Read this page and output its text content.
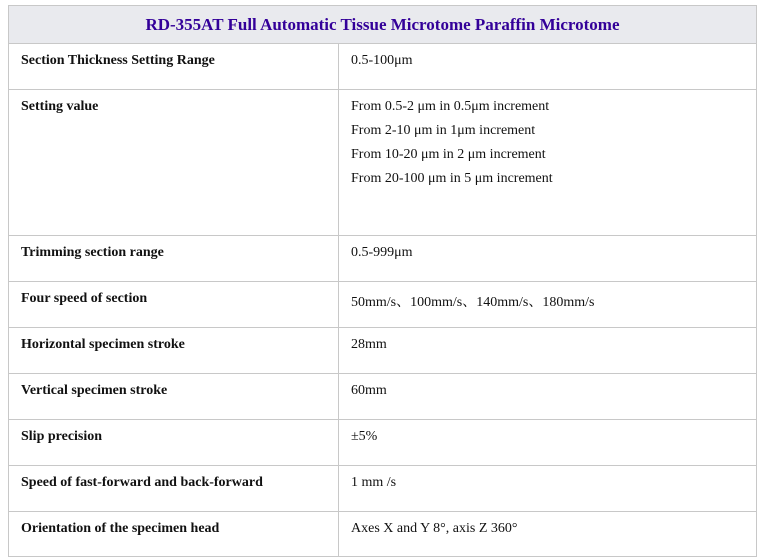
RD-355AT Full Automatic Tissue Microtome Paraffin Microtome	
Section Thickness Setting Range	0.5-100μm
Setting value	From 0.5-2 μm in 0.5μm increment
From 2-10 μm in 1μm increment
From 10-20 μm in 2 μm increment
From 20-100 μm in 5 μm increment

Trimming section range	0.5-999μm
Four speed of section	50mm/s、100mm/s、140mm/s、180mm/s
Horizontal specimen stroke	28mm
Vertical specimen stroke	60mm
Slip precision	±5%
Speed of fast-forward and back-forward	1 mm /s
Orientation of the specimen head	Axes X and Y 8°, axis Z 360°
